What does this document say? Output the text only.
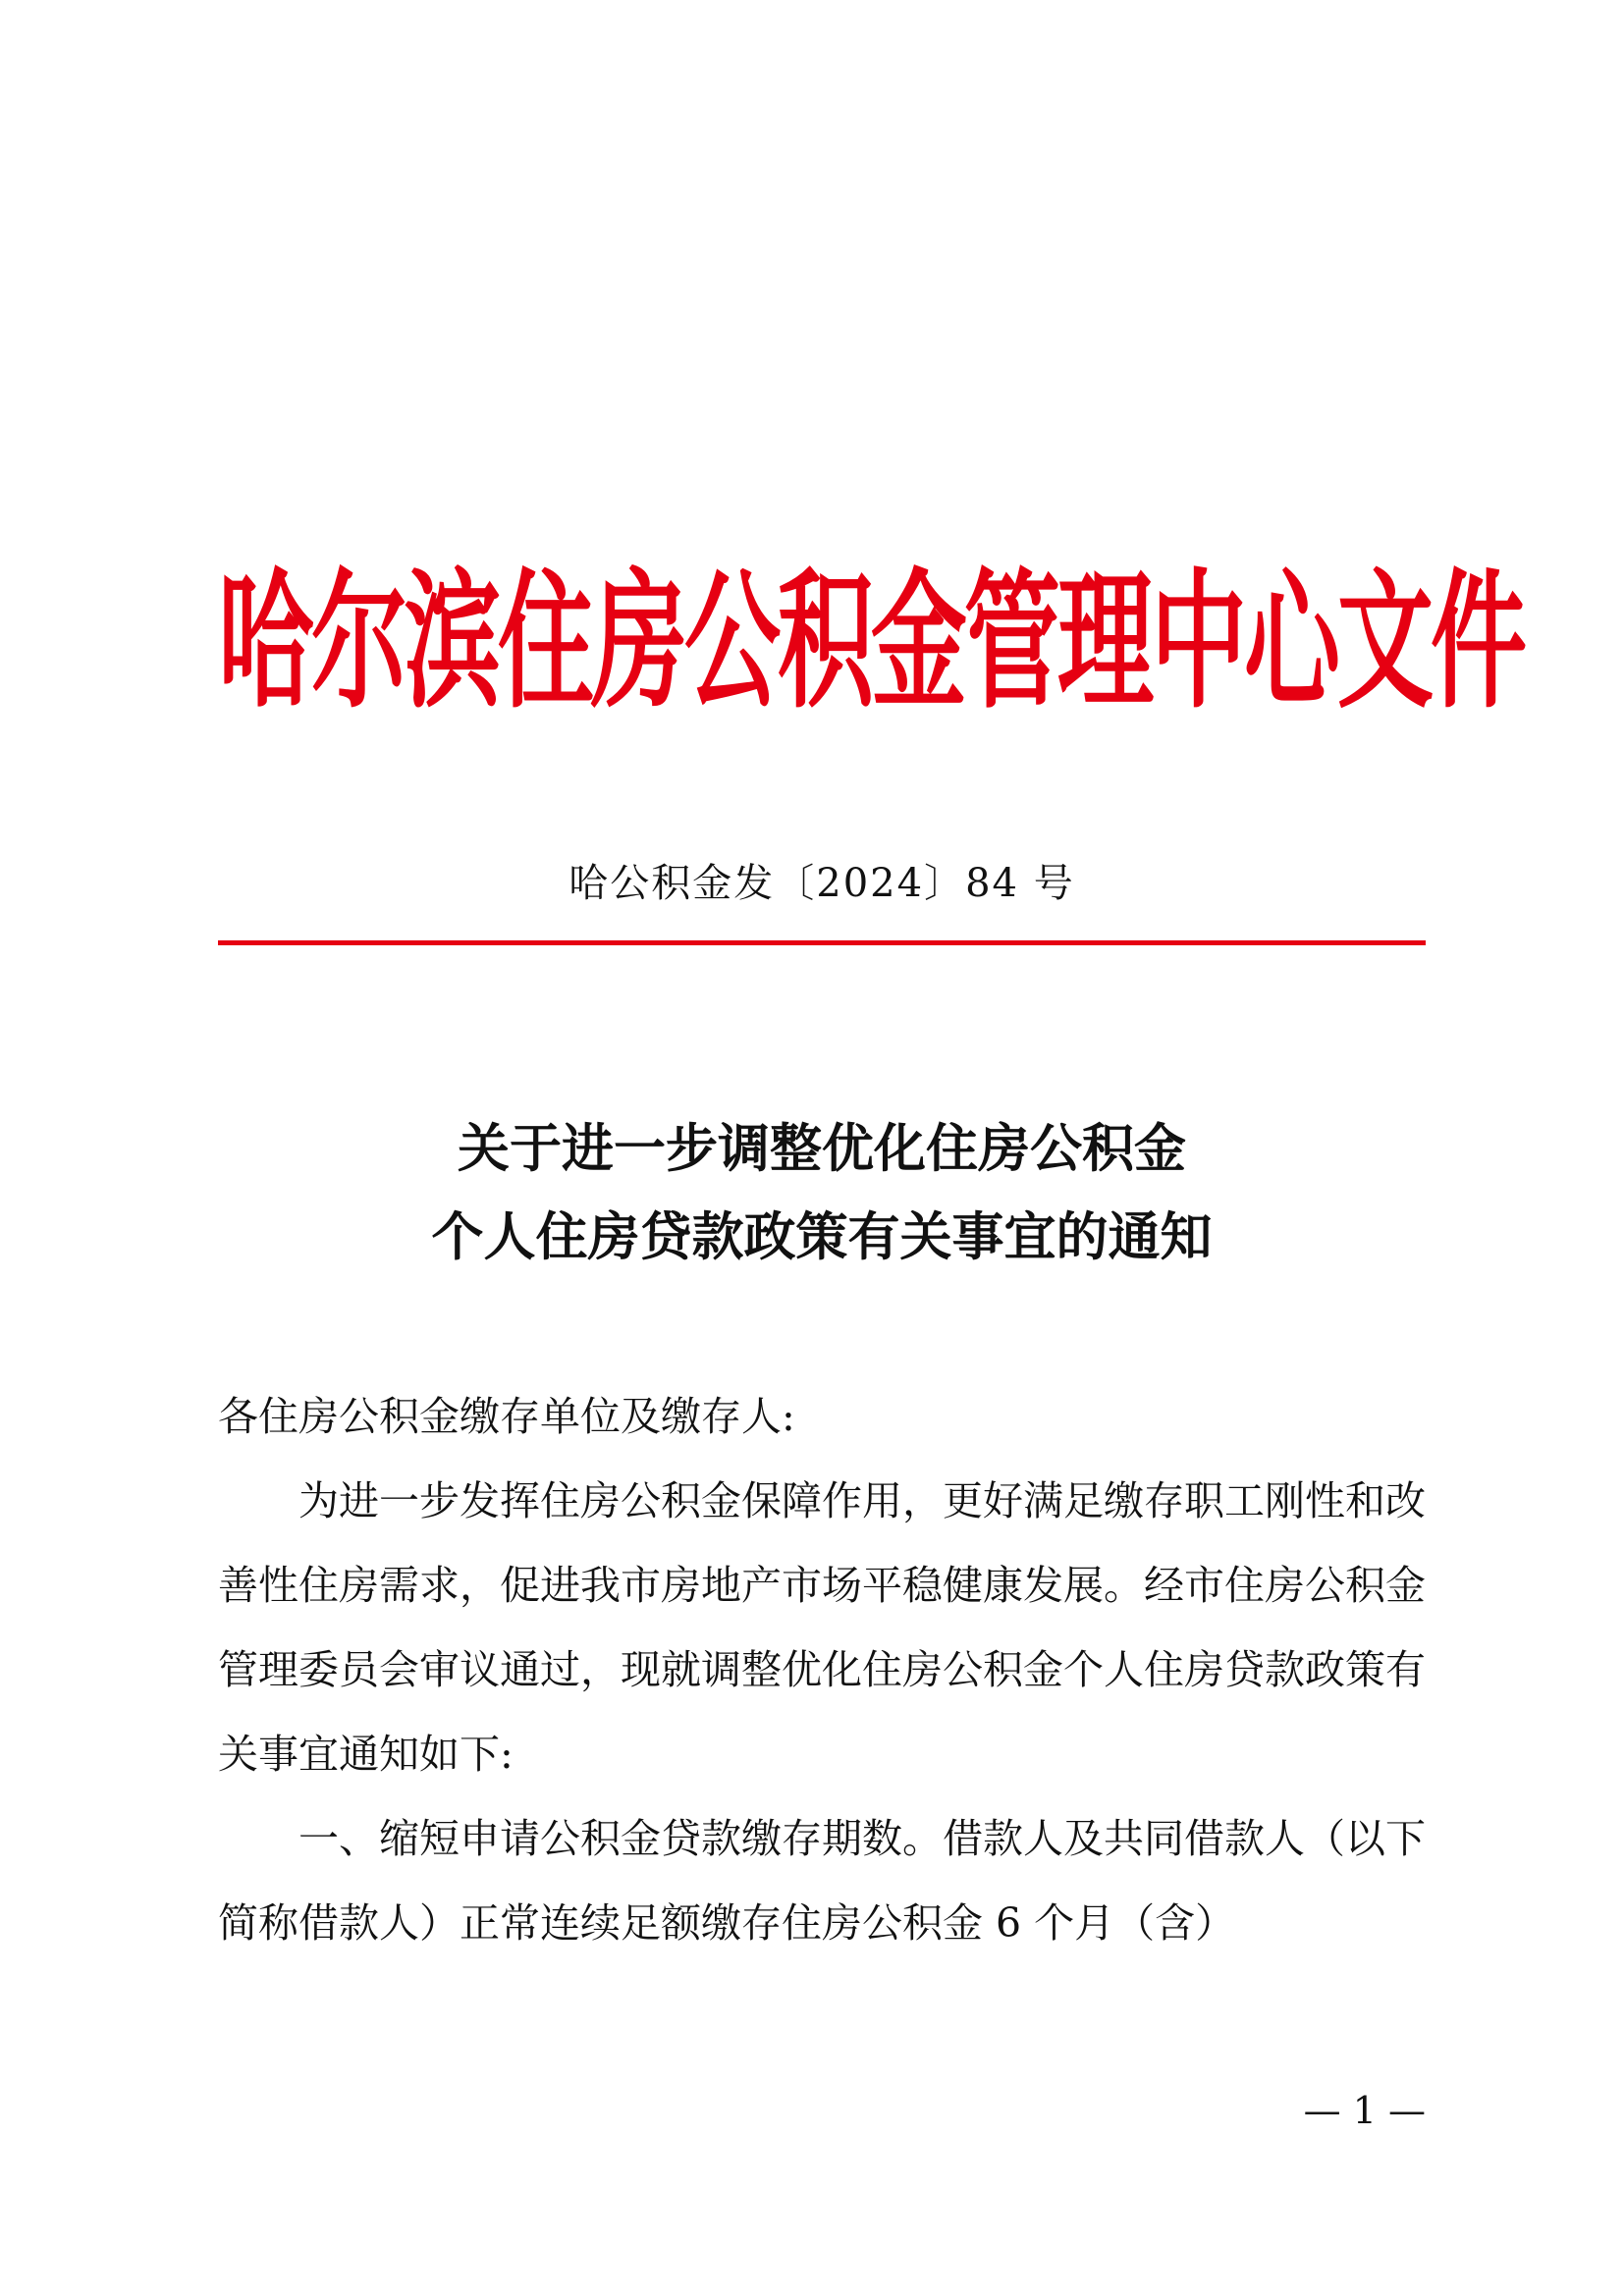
哈尔滨住房公积金管理中心文件
哈公积金发〔2024〕84 号
关于进一步调整优化住房公积金
个人住房贷款政策有关事宜的通知

各住房公积金缴存单位及缴存人:

为进一步发挥住房公积金保障作用，更好满足缴存职工刚性和改善性住房需求，促进我市房地产市场平稳健康发展。经市住房公积金管理委员会审议通过，现就调整优化住房公积金个人住房贷款政策有关事宜通知如下:

一、缩短申请公积金贷款缴存期数。借款人及共同借款人（以下简称借款人）正常连续足额缴存住房公积金 6 个月（含）

— 1 —
